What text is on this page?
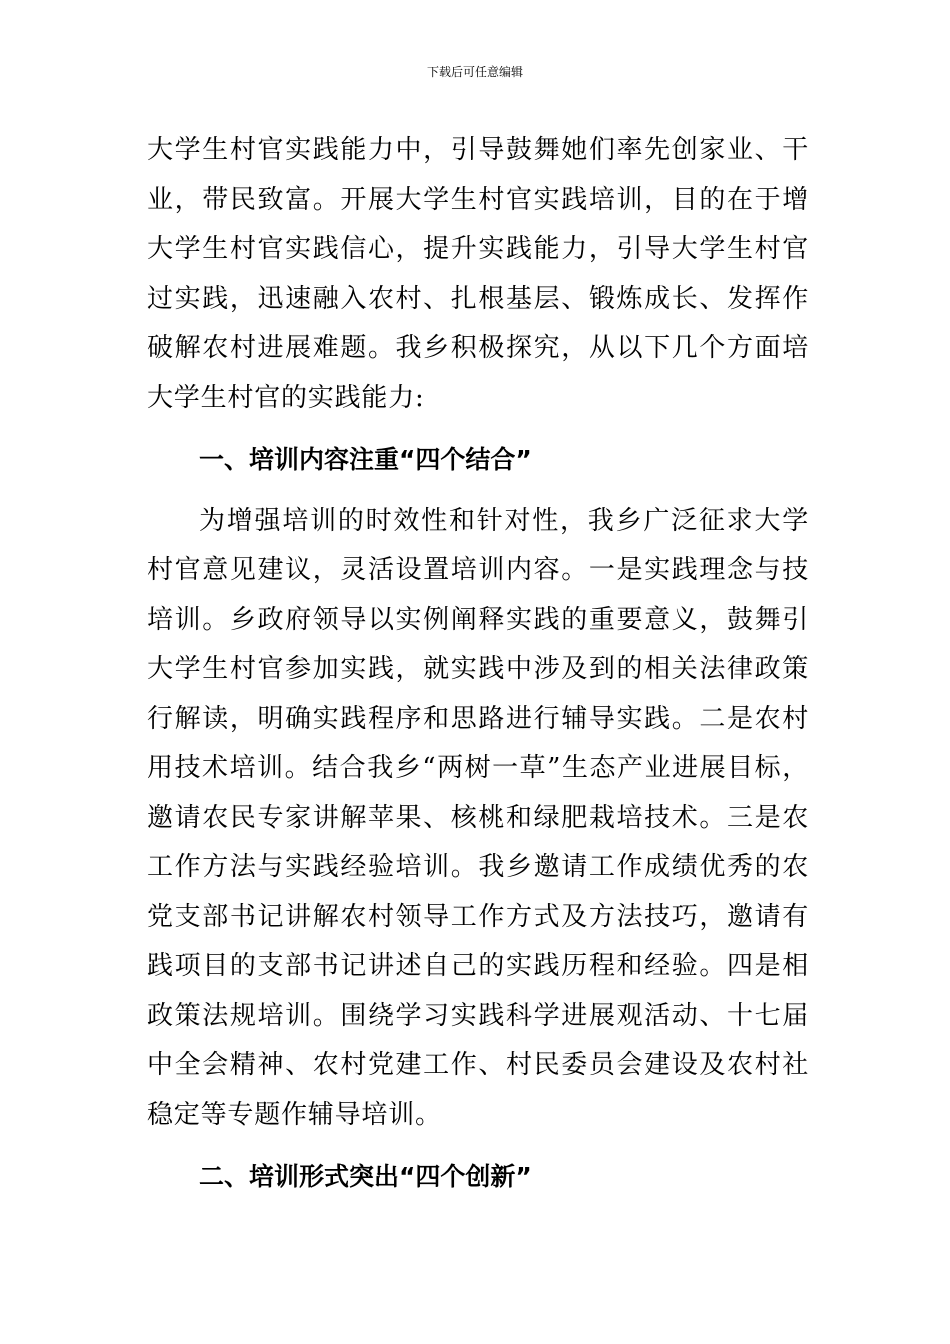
下载后可任意编辑
大学生村官实践能力中，引导鼓舞她们率先创家业、干
业，带民致富。开展大学生村官实践培训，目的在于增
大学生村官实践信心，提升实践能力，引导大学生村官
过实践，迅速融入农村、扎根基层、锻炼成长、发挥作
破解农村进展难题。我乡积极探究，从以下几个方面培
大学生村官的实践能力:
一、培训内容注重“四个结合”
为增强培训的时效性和针对性，我乡广泛征求大学
村官意见建议，灵活设置培训内容。一是实践理念与技
培训。乡政府领导以实例阐释实践的重要意义，鼓舞引
大学生村官参加实践，就实践中涉及到的相关法律政策
行解读，明确实践程序和思路进行辅导实践。二是农村
用技术培训。结合我乡“两树一草”生态产业进展目标，
邀请农民专家讲解苹果、核桃和绿肥栽培技术。三是农
工作方法与实践经验培训。我乡邀请工作成绩优秀的农
党支部书记讲解农村领导工作方式及方法技巧，邀请有
践项目的支部书记讲述自己的实践历程和经验。四是相
政策法规培训。围绕学习实践科学进展观活动、十七届
中全会精神、农村党建工作、村民委员会建设及农村社
稳定等专题作辅导培训。
二、培训形式突出“四个创新”
